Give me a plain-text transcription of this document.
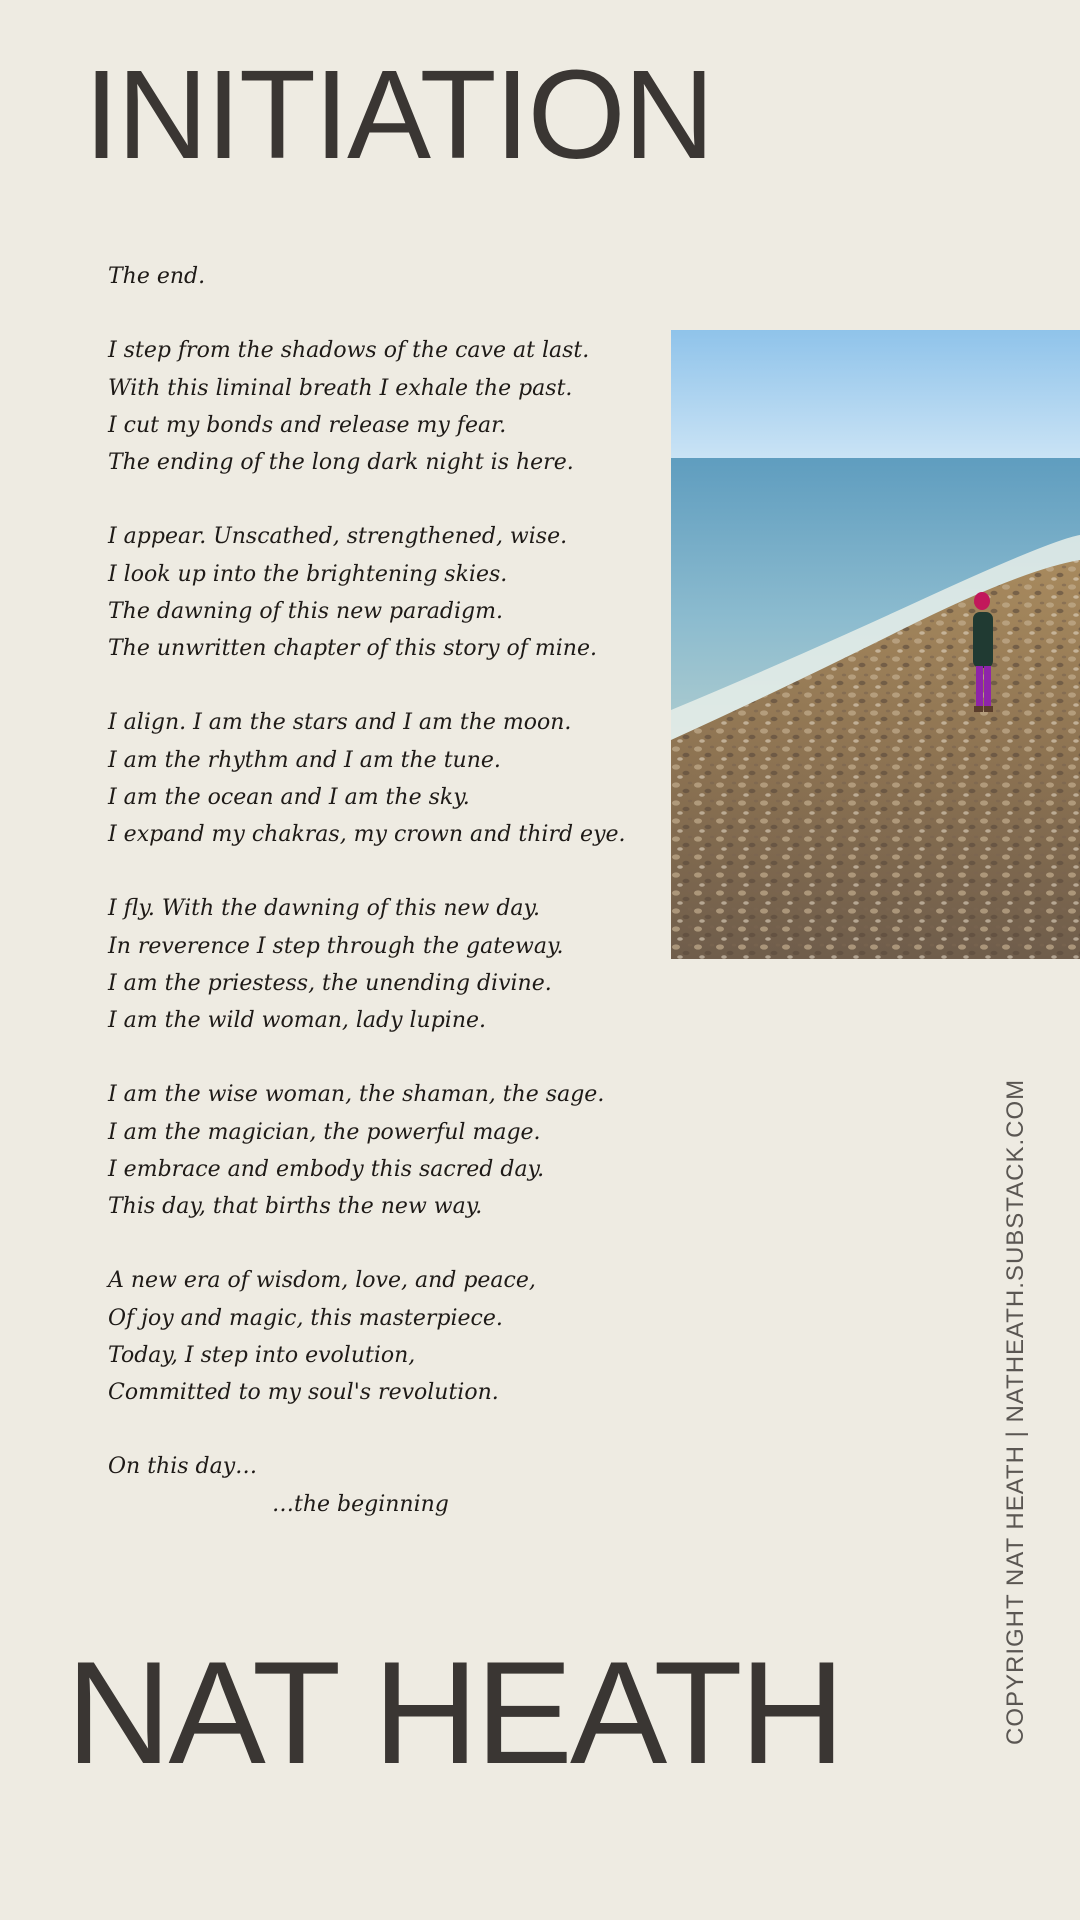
INITIATION
The end.
I step from the shadows of the cave at last.
With this liminal breath I exhale the past.
I cut my bonds and release my fear.
The ending of the long dark night is here.
I appear. Unscathed, strengthened, wise.
I look up into the brightening skies.
The dawning of this new paradigm.
The unwritten chapter of this story of mine.
I align. I am the stars and I am the moon.
I am the rhythm and I am the tune.
I am the ocean and I am the sky.
I expand my chakras, my crown and third eye.
I fly. With the dawning of this new day.
In reverence I step through the gateway.
I am the priestess, the unending divine.
I am the wild woman, lady lupine.
I am the wise woman, the shaman, the sage.
I am the magician, the powerful mage.
I embrace and embody this sacred day.
This day, that births the new way.
A new era of wisdom, love, and peace,
Of joy and magic, this masterpiece.
Today, I step into evolution,
Committed to my soul's revolution.
On this day…
…the beginning	COPYRIGHT NAT HEATH | NATHEATH.SUBSTACK.COM
NAT HEATH
